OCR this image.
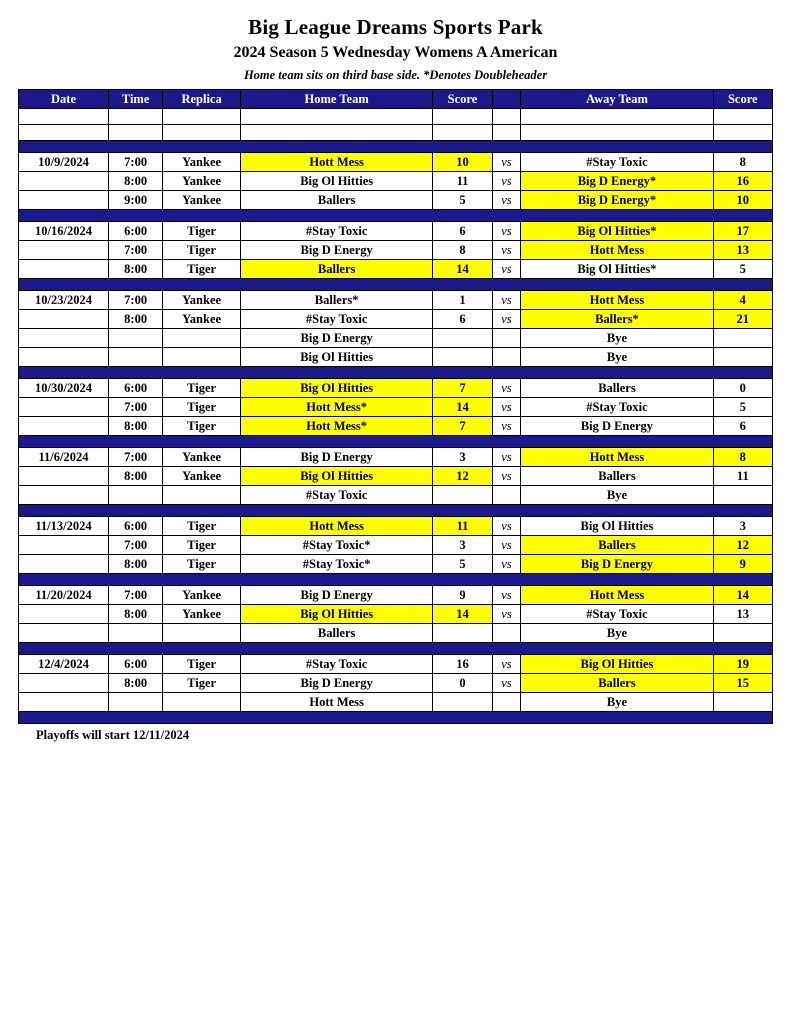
Big League Dreams Sports Park
2024 Season 5 Wednesday Womens A American
Home team sits on third base side. *Denotes Doubleheader
Date	Time	Replica	Home Team	Score		Away Team	Score

10/9/2024	7:00	Yankee	Hott Mess	10	vs	#Stay Toxic	8
	8:00	Yankee	Big Ol Hitties	11	vs	Big D Energy*	16
	9:00	Yankee	Ballers	5	vs	Big D Energy*	10

10/16/2024	6:00	Tiger	#Stay Toxic	6	vs	Big Ol Hitties*	17
	7:00	Tiger	Big D Energy	8	vs	Hott Mess	13
	8:00	Tiger	Ballers	14	vs	Big Ol Hitties*	5

10/23/2024	7:00	Yankee	Ballers*	1	vs	Hott Mess	4
	8:00	Yankee	#Stay Toxic	6	vs	Ballers*	21
			Big D Energy			Bye	
			Big Ol Hitties			Bye	

10/30/2024	6:00	Tiger	Big Ol Hitties	7	vs	Ballers	0
	7:00	Tiger	Hott Mess*	14	vs	#Stay Toxic	5
	8:00	Tiger	Hott Mess*	7	vs	Big D Energy	6

11/6/2024	7:00	Yankee	Big D Energy	3	vs	Hott Mess	8
	8:00	Yankee	Big Ol Hitties	12	vs	Ballers	11
			#Stay Toxic			Bye	

11/13/2024	6:00	Tiger	Hott Mess	11	vs	Big Ol Hitties	3
	7:00	Tiger	#Stay Toxic*	3	vs	Ballers	12
	8:00	Tiger	#Stay Toxic*	5	vs	Big D Energy	9

11/20/2024	7:00	Yankee	Big D Energy	9	vs	Hott Mess	14
	8:00	Yankee	Big Ol Hitties	14	vs	#Stay Toxic	13
			Ballers			Bye	

12/4/2024	6:00	Tiger	#Stay Toxic	16	vs	Big Ol Hitties	19
	8:00	Tiger	Big D Energy	0	vs	Ballers	15
			Hott Mess			Bye	

Playoffs will start 12/11/2024
